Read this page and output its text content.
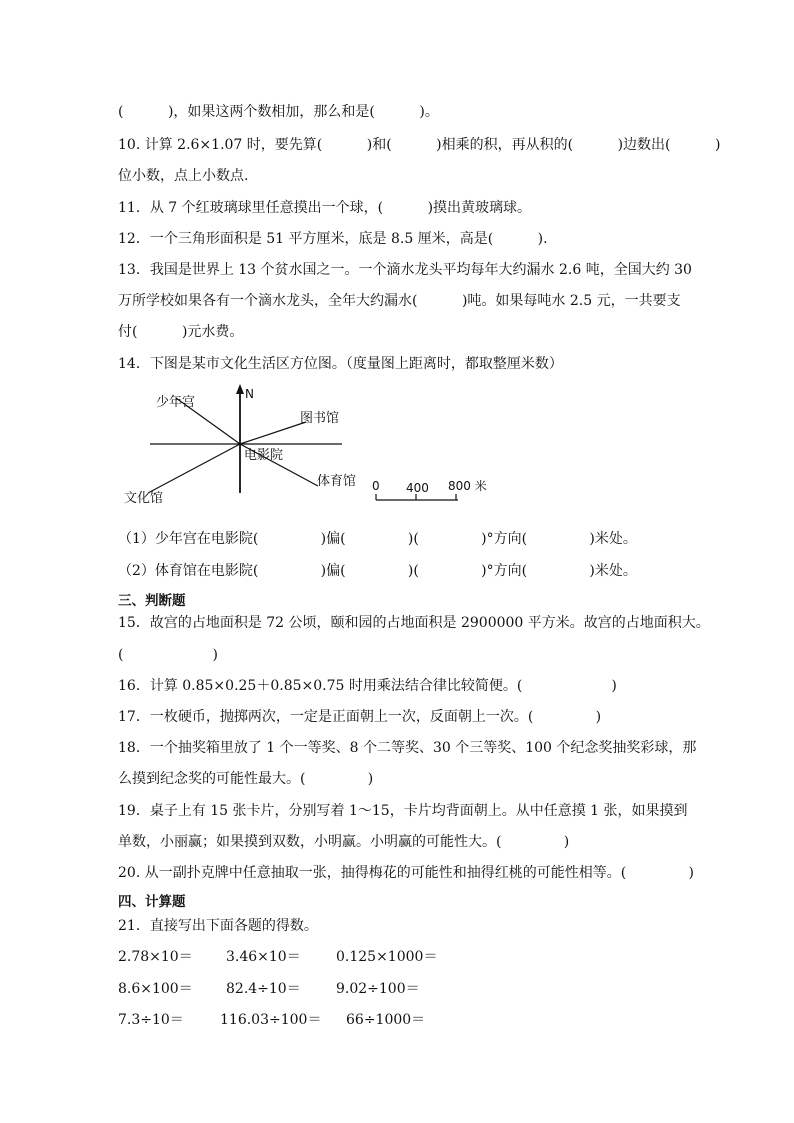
(          )，如果这两个数相加，那么和是(          )。
10. 计算 2.6×1.07 时，要先算(          )和(          )相乘的积，再从积的(          )边数出(          )
位小数，点上小数点.
11．从 7 个红玻璃球里任意摸出一个球，(          )摸出黄玻璃球。
12．一个三角形面积是 51 平方厘米，底是 8.5 厘米，高是(          ).
13．我国是世界上 13 个贫水国之一。一个滴水龙头平均每年大约漏水 2.6 吨，全国大约 30
万所学校如果各有一个滴水龙头，全年大约漏水(          )吨。如果每吨水 2.5 元，一共要支
付(          )元水费。
14．下图是某市文化生活区方位图。（度量图上距离时，都取整厘米数）
N
少年宫
图书馆
电影院
体育馆
文化馆
0 400 800 米
（1）少年宫在电影院(              )偏(              )(              )°方向(              )米处。
（2）体育馆在电影院(              )偏(              )(              )°方向(              )米处。
三、判断题
15．故宫的占地面积是 72 公顷，颐和园的占地面积是 2900000 平方米。故宫的占地面积大。
(                    )
16．计算 0.85×0.25＋0.85×0.75 时用乘法结合律比较简便。(                    )
17．一枚硬币，抛掷两次，一定是正面朝上一次，反面朝上一次。(              )
18．一个抽奖箱里放了 1 个一等奖、8 个二等奖、30 个三等奖、100 个纪念奖抽奖彩球，那
么摸到纪念奖的可能性最大。(              )
19．桌子上有 15 张卡片，分别写着 1～15，卡片均背面朝上。从中任意摸 1 张，如果摸到
单数，小丽赢；如果摸到双数，小明赢。小明赢的可能性大。(              )
20. 从一副扑克牌中任意抽取一张，抽得梅花的可能性和抽得红桃的可能性相等。(              )
四、计算题
21．直接写出下面各题的得数。
2.78×10＝ 3.46×10＝	0.125×1000＝
8.6×100＝ 82.4÷10＝	9.02÷100＝
7.3÷10＝	116.03÷100＝ 66÷1000＝
